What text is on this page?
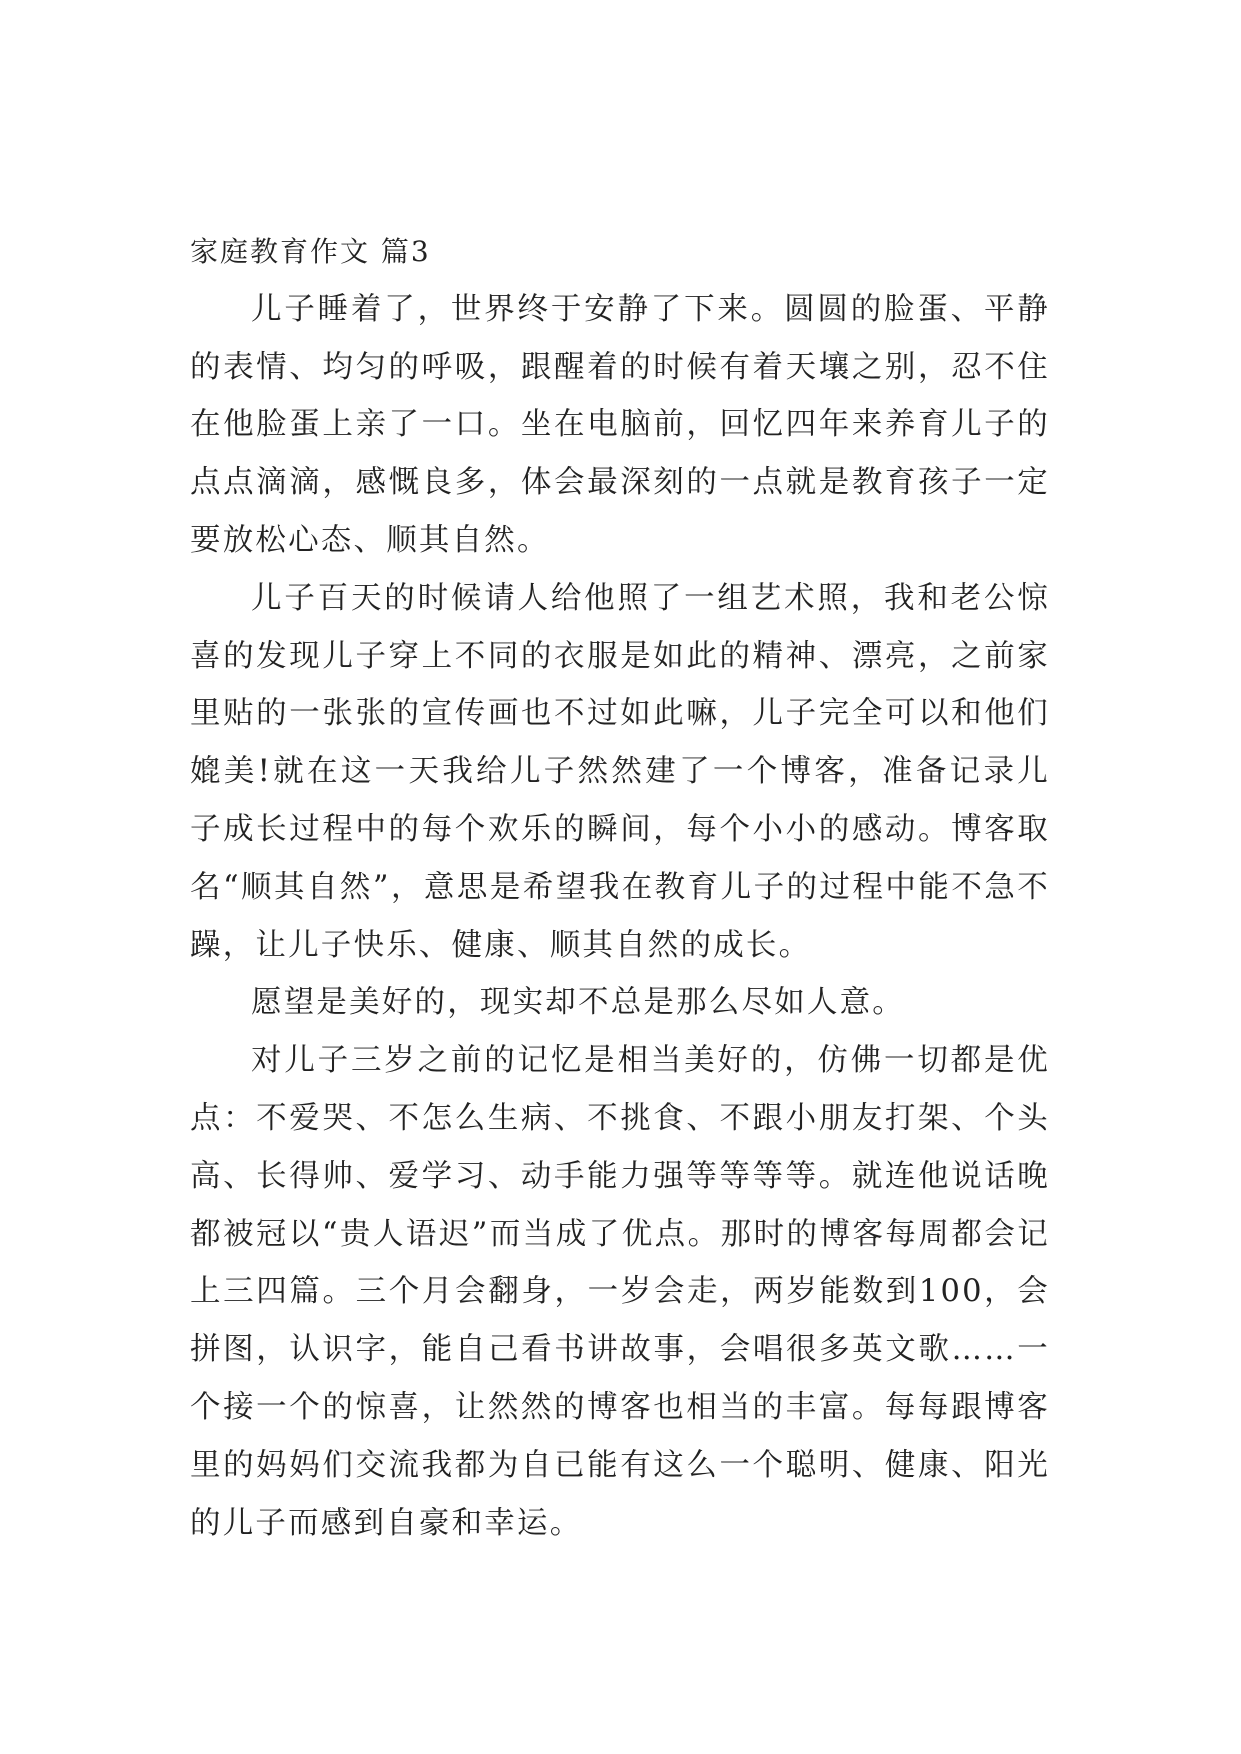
家庭教育作文 篇3

儿子睡着了，世界终于安静了下来。圆圆的脸蛋、平静的表情、均匀的呼吸，跟醒着的时候有着天壤之别，忍不住在他脸蛋上亲了一口。坐在电脑前，回忆四年来养育儿子的点点滴滴，感慨良多，体会最深刻的一点就是教育孩子一定要放松心态、顺其自然。

儿子百天的时候请人给他照了一组艺术照，我和老公惊喜的发现儿子穿上不同的衣服是如此的精神、漂亮，之前家里贴的一张张的宣传画也不过如此嘛，儿子完全可以和他们媲美!就在这一天我给儿子然然建了一个博客，准备记录儿子成长过程中的每个欢乐的瞬间，每个小小的感动。博客取名“顺其自然”，意思是希望我在教育儿子的过程中能不急不躁，让儿子快乐、健康、顺其自然的成长。

愿望是美好的，现实却不总是那么尽如人意。

对儿子三岁之前的记忆是相当美好的，仿佛一切都是优点：不爱哭、不怎么生病、不挑食、不跟小朋友打架、个头高、长得帅、爱学习、动手能力强等等等等。就连他说话晚都被冠以“贵人语迟”而当成了优点。那时的博客每周都会记上三四篇。三个月会翻身，一岁会走，两岁能数到100，会拼图，认识字，能自己看书讲故事，会唱很多英文歌……一个接一个的惊喜，让然然的博客也相当的丰富。每每跟博客里的妈妈们交流我都为自已能有这么一个聪明、健康、阳光的儿子而感到自豪和幸运。
